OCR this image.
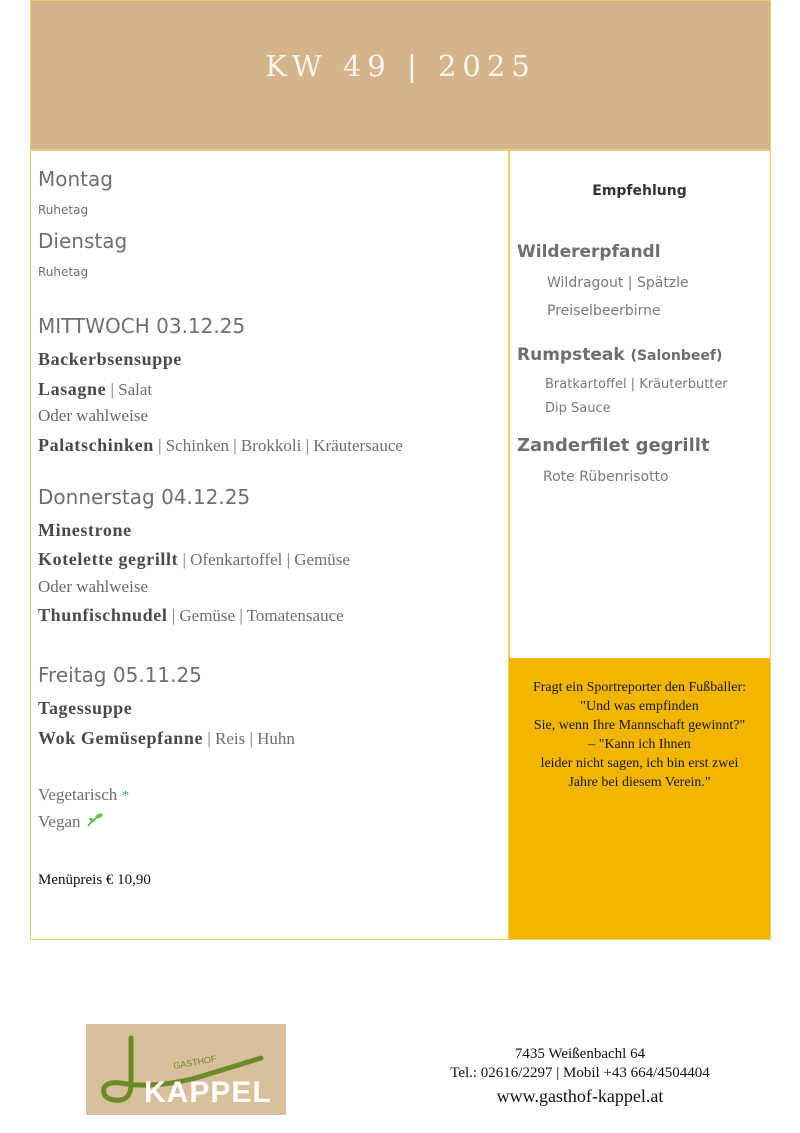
KW 49 | 2025
Montag
Ruhetag
Dienstag
Ruhetag
MITTWOCH 03.12.25
Backerbsensuppe
Lasagne | Salat
Oder wahlweise
Palatschinken | Schinken | Brokkoli | Kräutersauce
Donnerstag 04.12.25
Minestrone
Kotelette gegrillt | Ofenkartoffel | Gemüse
Oder wahlweise
Thunfischnudel | Gemüse | Tomatensauce
Freitag 05.11.25
Tagessuppe
Wok Gemüsepfanne | Reis | Huhn
Vegetarisch *
Vegan
Menüpreis € 10,90
Empfehlung
Wildererpfandl
Wildragout | Spätzle
Preiselbeerbirne
Rumpsteak (Salonbeef)
Bratkartoffel | Kräuterbutter
Dip Sauce
Zanderfilet gegrillt
Rote Rübenrisotto
Fragt ein Sportreporter den Fußballer:
"Und was empfinden
Sie, wenn Ihre Mannschaft gewinnt?"
– "Kann ich Ihnen
leider nicht sagen, ich bin erst zwei
Jahre bei diesem Verein."
GASTHOF
KAPPEL
7435 Weißenbachl 64
Tel.: 02616/2297 | Mobil +43 664/4504404
www.gasthof-kappel.at
